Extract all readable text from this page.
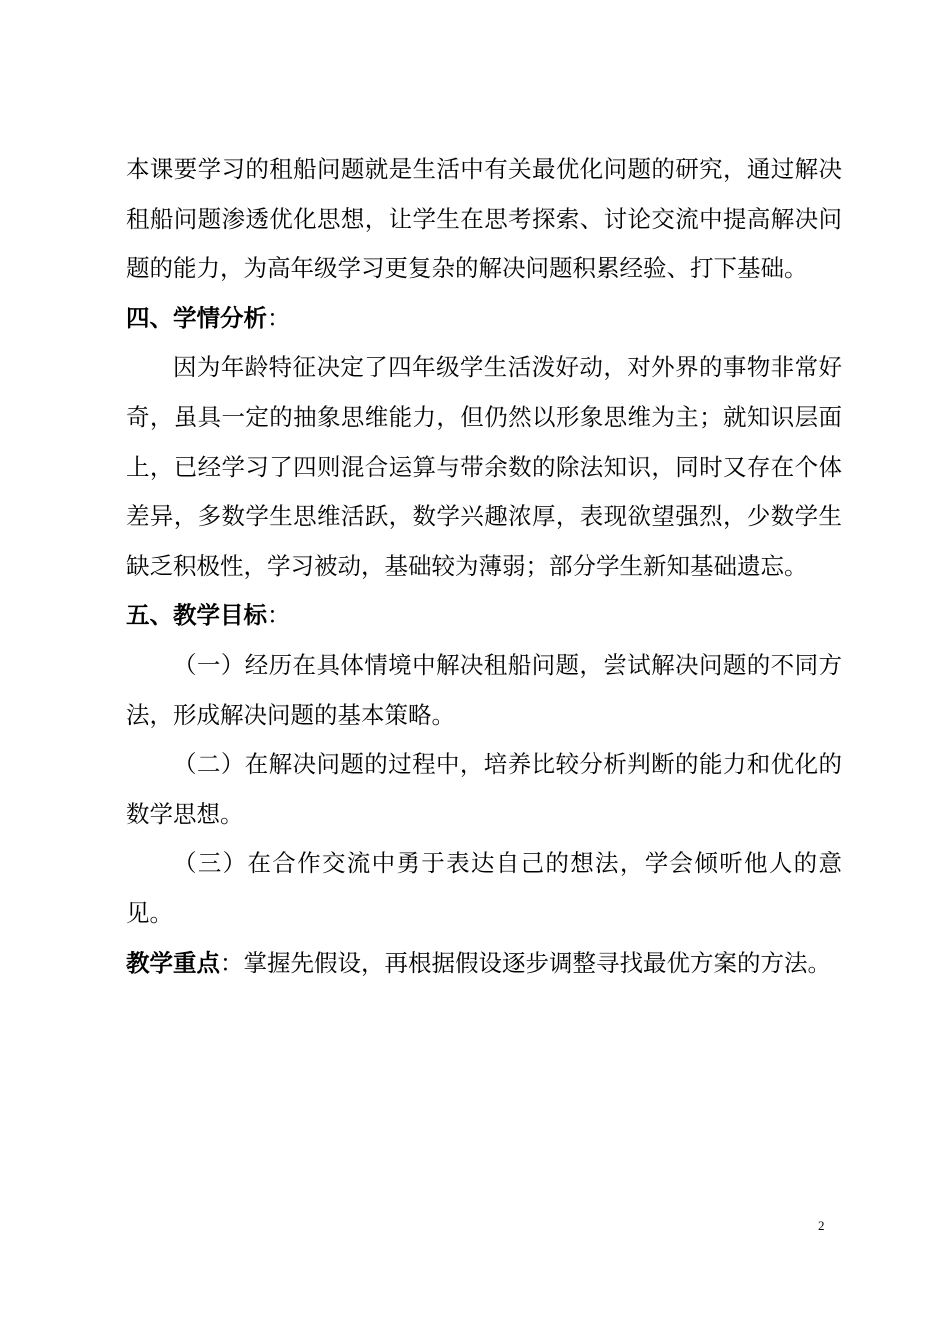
本课要学习的租船问题就是生活中有关最优化问题的研究，通过解决租船问题渗透优化思想，让学生在思考探索、讨论交流中提高解决问题的能力，为高年级学习更复杂的解决问题积累经验、打下基础。

四、学情分析：

因为年龄特征决定了四年级学生活泼好动，对外界的事物非常好奇，虽具一定的抽象思维能力，但仍然以形象思维为主；就知识层面上，已经学习了四则混合运算与带余数的除法知识，同时又存在个体差异，多数学生思维活跃，数学兴趣浓厚，表现欲望强烈，少数学生缺乏积极性，学习被动，基础较为薄弱；部分学生新知基础遗忘。

五、教学目标：

（一）经历在具体情境中解决租船问题，尝试解决问题的不同方法，形成解决问题的基本策略。

（二）在解决问题的过程中，培养比较分析判断的能力和优化的数学思想。

（三）在合作交流中勇于表达自己的想法，学会倾听他人的意见。

教学重点：掌握先假设，再根据假设逐步调整寻找最优方案的方法。

2
